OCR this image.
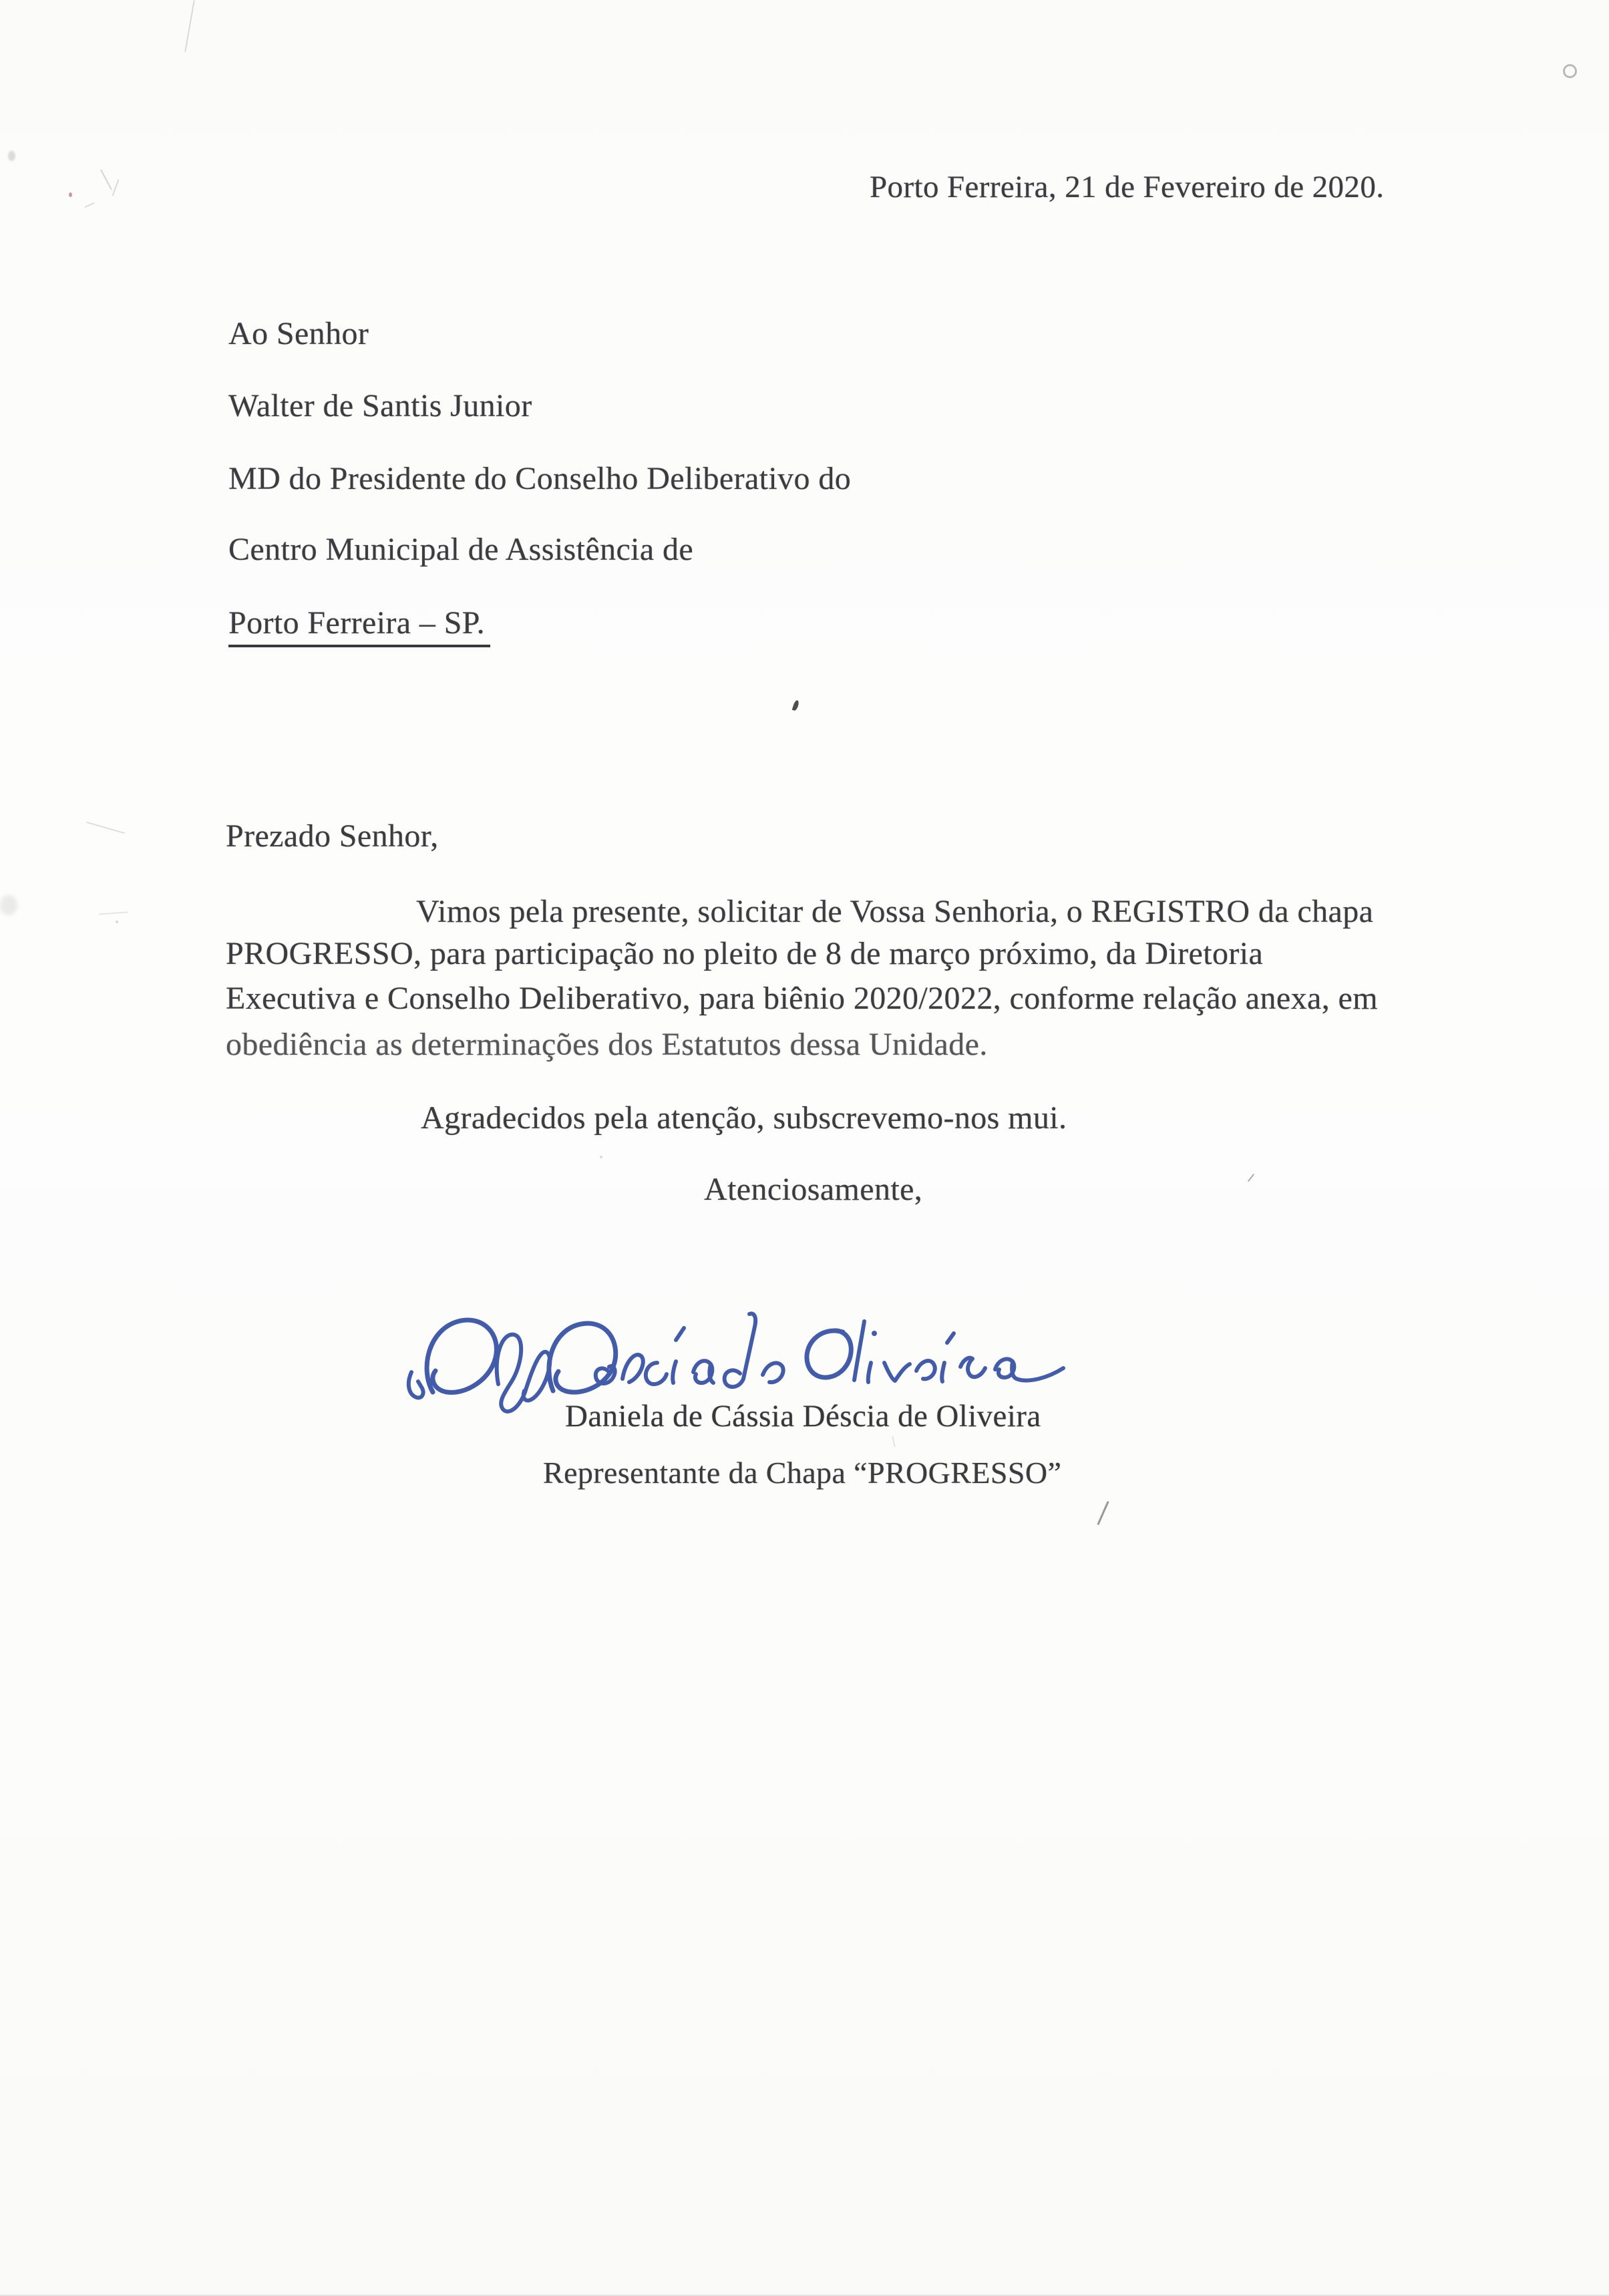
Porto Ferreira, 21 de Fevereiro de 2020.
Ao Senhor
Walter de Santis Junior
MD do Presidente do Conselho Deliberativo do
Centro Municipal de Assistência de
Porto Ferreira – SP.
Prezado Senhor,
Vimos pela presente, solicitar de Vossa Senhoria, o REGISTRO da chapa
PROGRESSO, para participação no pleito de 8 de março próximo, da Diretoria
Executiva e Conselho Deliberativo, para biênio 2020/2022, conforme relação anexa, em
obediência as determinações dos Estatutos dessa Unidade.
Agradecidos pela atenção, subscrevemo-nos mui.
Atenciosamente,
Daniela de Cássia Déscia de Oliveira
Representante da Chapa “PROGRESSO”
